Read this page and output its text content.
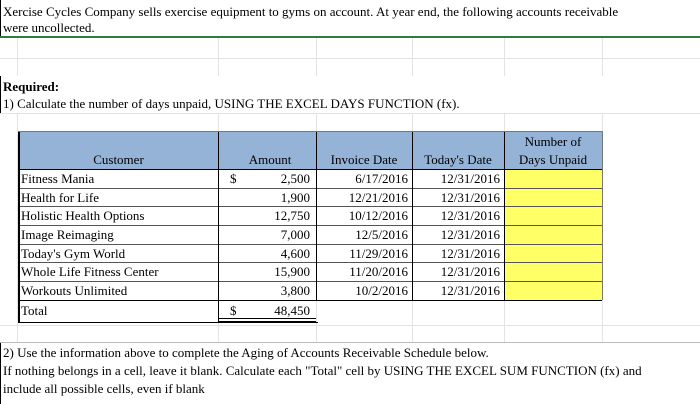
Xercise Cycles Company sells exercise equipment to gyms on account. At year end, the following accounts receivable
were uncollected.
Required:
1) Calculate the number of days unpaid, USING THE EXCEL DAYS FUNCTION (fx).
Customer	Amount	Invoice Date	Today's Date
Number of
Days Unpaid
Fitness Mania	$	2,500	6/17/2016	12/31/2016
Health for Life	1,900	12/21/2016	12/31/2016
Holistic Health Options	12,750	10/12/2016	12/31/2016
Image Reimaging	7,000	12/5/2016	12/31/2016
Today's Gym World	4,600	11/29/2016	12/31/2016
Whole Life Fitness Center	15,900	11/20/2016	12/31/2016
Workouts Unlimited	3,800	10/2/2016	12/31/2016
Total	$	48,450
2) Use the information above to complete the Aging of Accounts Receivable Schedule below.
If nothing belongs in a cell, leave it blank. Calculate each "Total" cell by USING THE EXCEL SUM FUNCTION (fx) and
include all possible cells, even if blank
